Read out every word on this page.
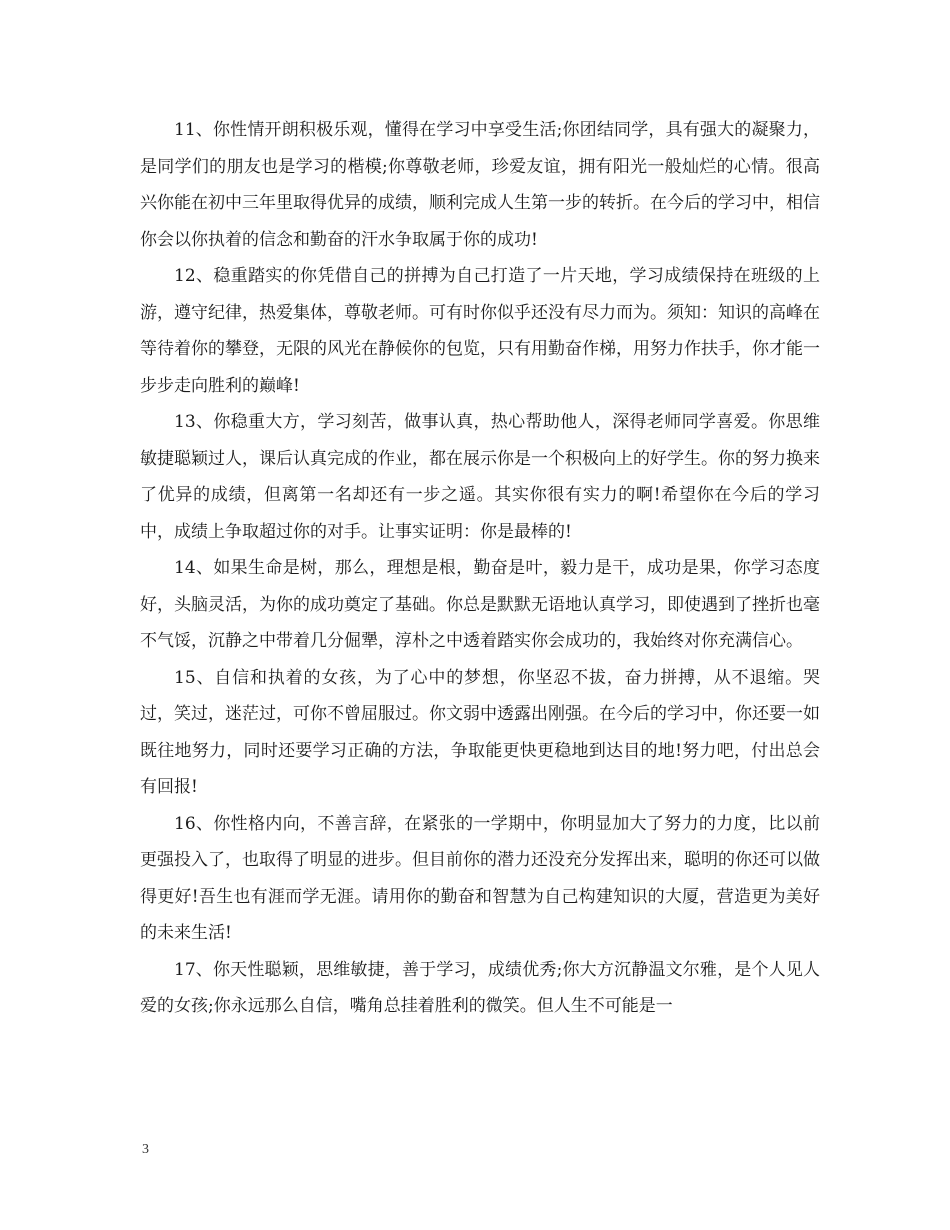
11、你性情开朗积极乐观，懂得在学习中享受生活;你团结同学，具有强大的凝聚力，是同学们的朋友也是学习的楷模;你尊敬老师，珍爱友谊，拥有阳光一般灿烂的心情。很高兴你能在初中三年里取得优异的成绩，顺利完成人生第一步的转折。在今后的学习中，相信你会以你执着的信念和勤奋的汗水争取属于你的成功!

12、稳重踏实的你凭借自己的拼搏为自己打造了一片天地，学习成绩保持在班级的上游，遵守纪律，热爱集体，尊敬老师。可有时你似乎还没有尽力而为。须知：知识的高峰在等待着你的攀登，无限的风光在静候你的包览，只有用勤奋作梯，用努力作扶手，你才能一步步走向胜利的巅峰!

13、你稳重大方，学习刻苦，做事认真，热心帮助他人，深得老师同学喜爱。你思维敏捷聪颖过人，课后认真完成的作业，都在展示你是一个积极向上的好学生。你的努力换来了优异的成绩，但离第一名却还有一步之遥。其实你很有实力的啊!希望你在今后的学习中，成绩上争取超过你的对手。让事实证明：你是最棒的!

14、如果生命是树，那么，理想是根，勤奋是叶，毅力是干，成功是果，你学习态度好，头脑灵活，为你的成功奠定了基础。你总是默默无语地认真学习，即使遇到了挫折也毫不气馁，沉静之中带着几分倔犟，淳朴之中透着踏实你会成功的，我始终对你充满信心。

15、自信和执着的女孩，为了心中的梦想，你坚忍不拔，奋力拼搏，从不退缩。哭过，笑过，迷茫过，可你不曾屈服过。你文弱中透露出刚强。在今后的学习中，你还要一如既往地努力，同时还要学习正确的方法，争取能更快更稳地到达目的地!努力吧，付出总会有回报!

16、你性格内向，不善言辞，在紧张的一学期中，你明显加大了努力的力度，比以前更强投入了，也取得了明显的进步。但目前你的潜力还没充分发挥出来，聪明的你还可以做得更好!吾生也有涯而学无涯。请用你的勤奋和智慧为自己构建知识的大厦，营造更为美好的未来生活!

17、你天性聪颖，思维敏捷，善于学习，成绩优秀;你大方沉静温文尔雅，是个人见人爱的女孩;你永远那么自信，嘴角总挂着胜利的微笑。但人生不可能是一

3
